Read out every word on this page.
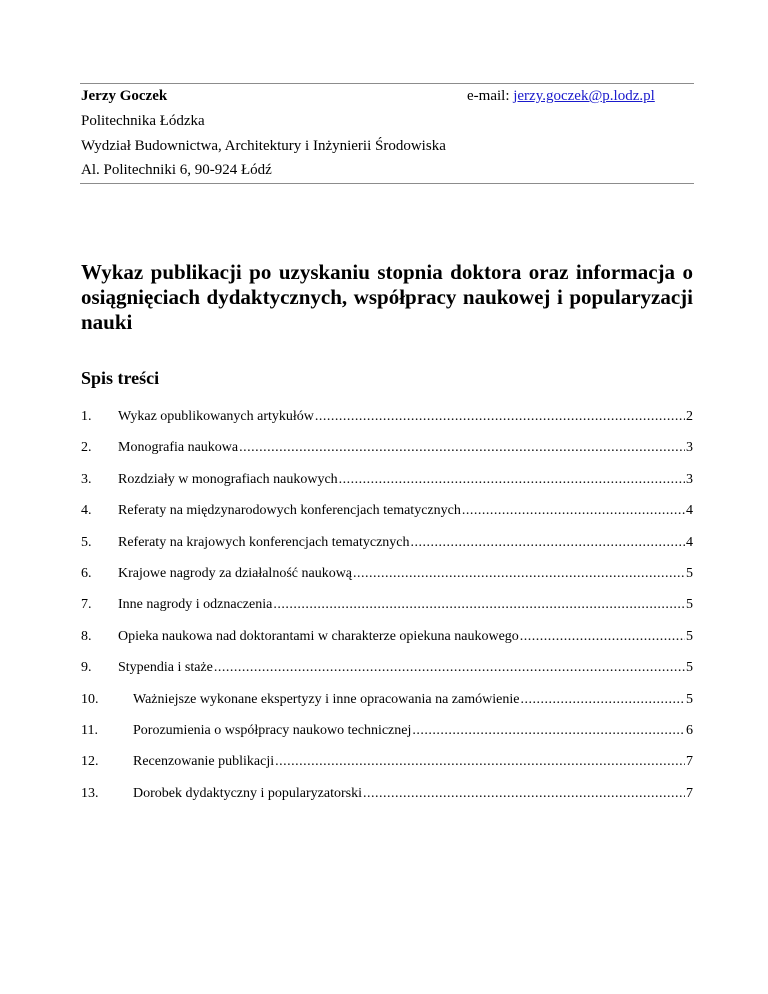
Jerzy Goczek	e-mail: jerzy.goczek@p.lodz.pl
Politechnika Łódzka
Wydział Budownictwa, Architektury i Inżynierii Środowiska
Al. Politechniki 6, 90-924 Łódź
Wykaz publikacji po uzyskaniu stopnia doktora oraz informacja o osiągnięciach dydaktycznych, współpracy naukowej i popularyzacji nauki
Spis treści
1.	Wykaz opublikowanych artykułów .....	2
2.	Monografia naukowa .....	3
3.	Rozdziały w monografiach naukowych .....	3
4.	Referaty na międzynarodowych konferencjach tematycznych .....	4
5.	Referaty na krajowych konferencjach tematycznych .....	4
6.	Krajowe nagrody za działalność naukową .....	5
7.	Inne nagrody i odznaczenia .....	5
8.	Opieka naukowa nad doktorantami w charakterze opiekuna naukowego .....	5
9.	Stypendia i staże .....	5
10.	Ważniejsze wykonane ekspertyzy i inne opracowania na zamówienie .....	5
11.	Porozumienia o współpracy naukowo technicznej .....	6
12.	Recenzowanie publikacji .....	7
13.	Dorobek dydaktyczny i popularyzatorski .....	7
